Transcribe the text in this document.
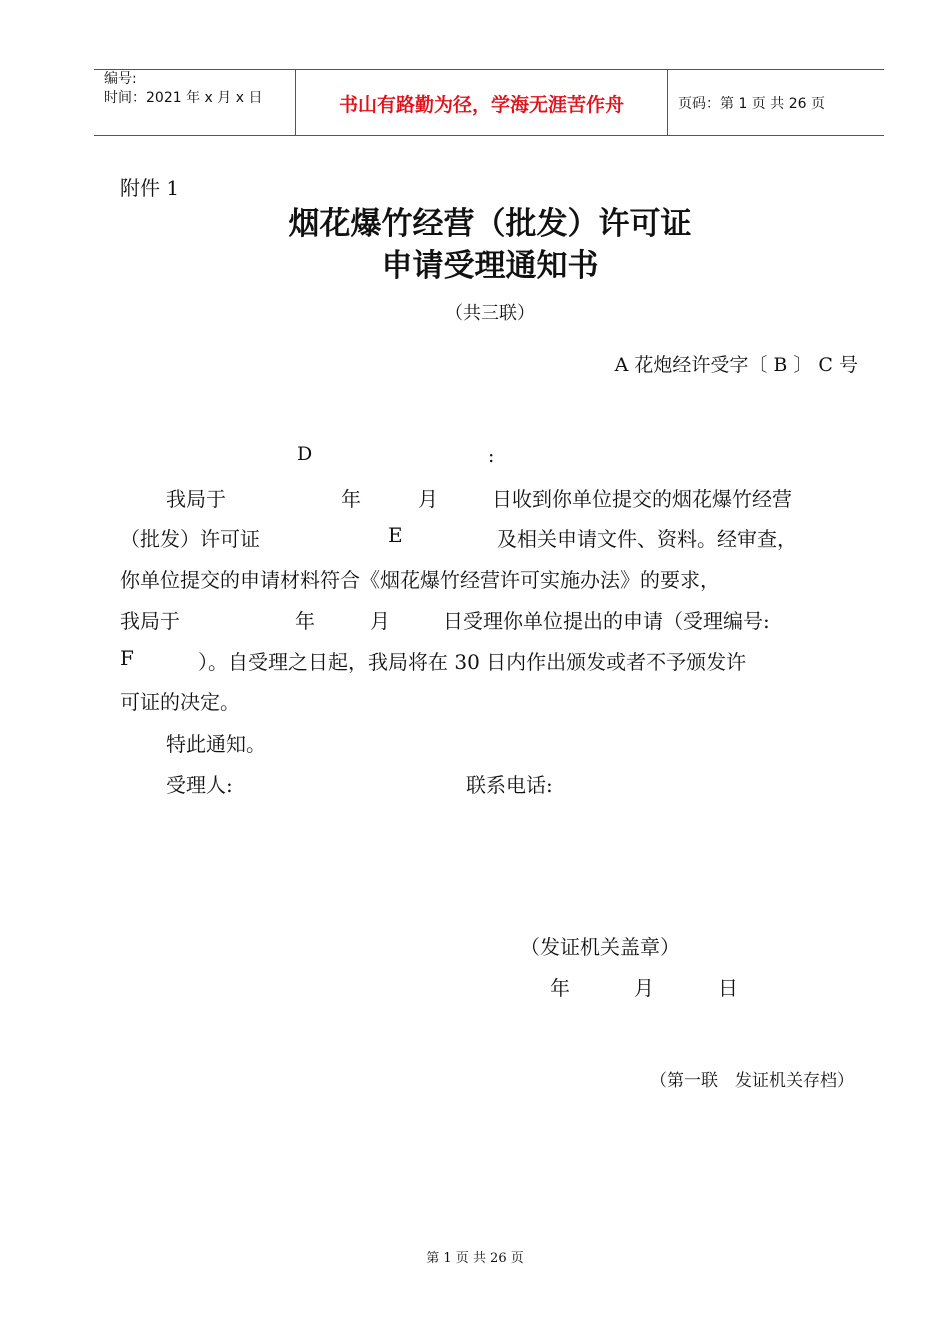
编号:
时间：2021 年 x 月 x 日	书山有路勤为径，学海无涯苦作舟	页码：第 1 页 共 26 页
附件 1
烟花爆竹经营（批发）许可证
申请受理通知书
（共三联）
A 花炮经许受字〔 B 〕 C 号
D	:
我局于	年	月	日收到你单位提交的烟花爆竹经营
（批发）许可证	E	及相关申请文件、资料。经审查，
你单位提交的申请材料符合《烟花爆竹经营许可实施办法》的要求，
我局于	年	月	日受理你单位提出的申请（受理编号:
F	）。自受理之日起，我局将在 30 日内作出颁发或者不予颁发许
可证的决定。
特此通知。
受理人:	联系电话:
（发证机关盖章）
年	月	日
（第一联　发证机关存档）
第 1 页 共 26 页
